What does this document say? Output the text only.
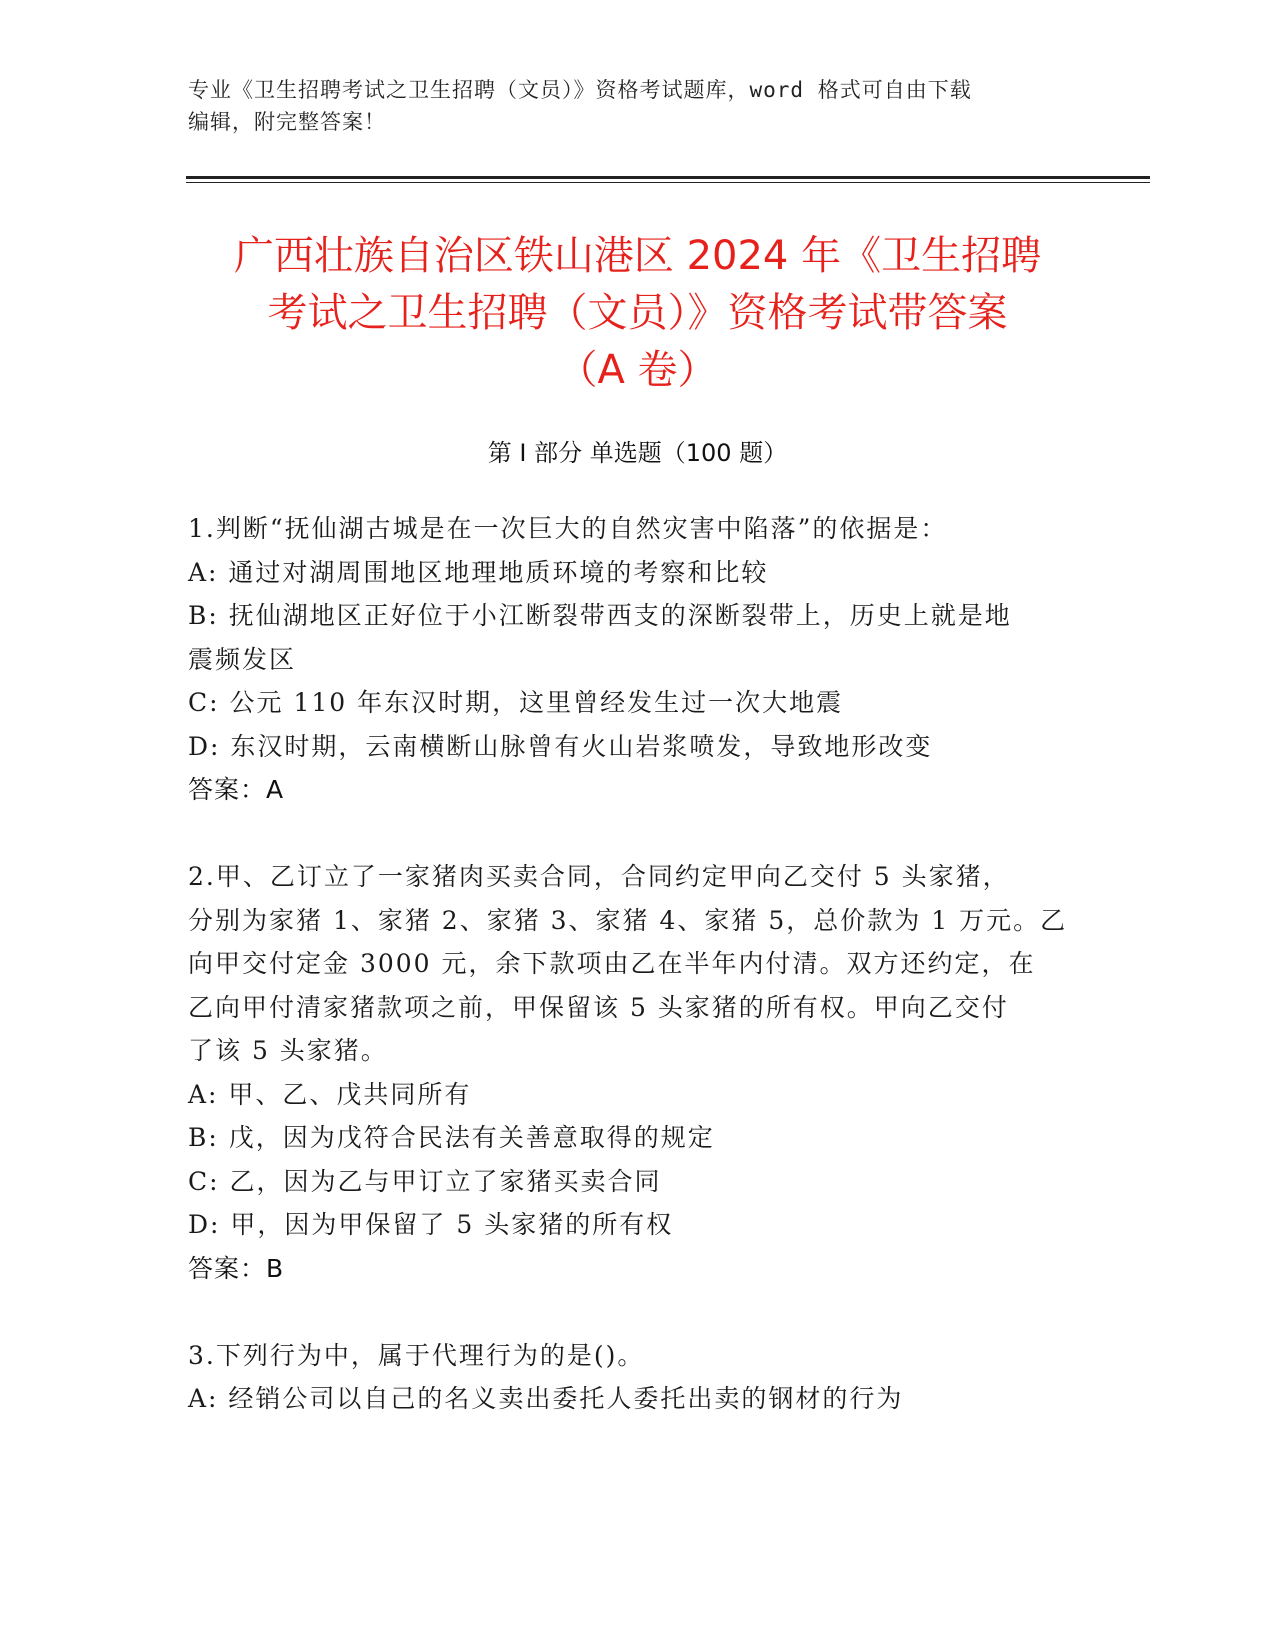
专业《卫生招聘考试之卫生招聘（文员）》资格考试题库，word 格式可自由下载
编辑，附完整答案！
广西壮族自治区铁山港区 2024 年《卫生招聘
考试之卫生招聘（文员）》资格考试带答案
（A 卷）
第 I 部分 单选题（100 题）
1.判断“抚仙湖古城是在一次巨大的自然灾害中陷落”的依据是：
A: 通过对湖周围地区地理地质环境的考察和比较
B: 抚仙湖地区正好位于小江断裂带西支的深断裂带上，历史上就是地
震频发区
C: 公元 110 年东汉时期，这里曾经发生过一次大地震
D: 东汉时期，云南横断山脉曾有火山岩浆喷发，导致地形改变
答案：A
2.甲、乙订立了一家猪肉买卖合同，合同约定甲向乙交付 5 头家猪，
分别为家猪 1、家猪 2、家猪 3、家猪 4、家猪 5，总价款为 1 万元。乙
向甲交付定金 3000 元，余下款项由乙在半年内付清。双方还约定，在
乙向甲付清家猪款项之前，甲保留该 5 头家猪的所有权。甲向乙交付
了该 5 头家猪。
A: 甲、乙、戊共同所有
B: 戊，因为戊符合民法有关善意取得的规定
C: 乙，因为乙与甲订立了家猪买卖合同
D: 甲，因为甲保留了 5 头家猪的所有权
答案：B
3.下列行为中，属于代理行为的是()。
A: 经销公司以自己的名义卖出委托人委托出卖的钢材的行为
